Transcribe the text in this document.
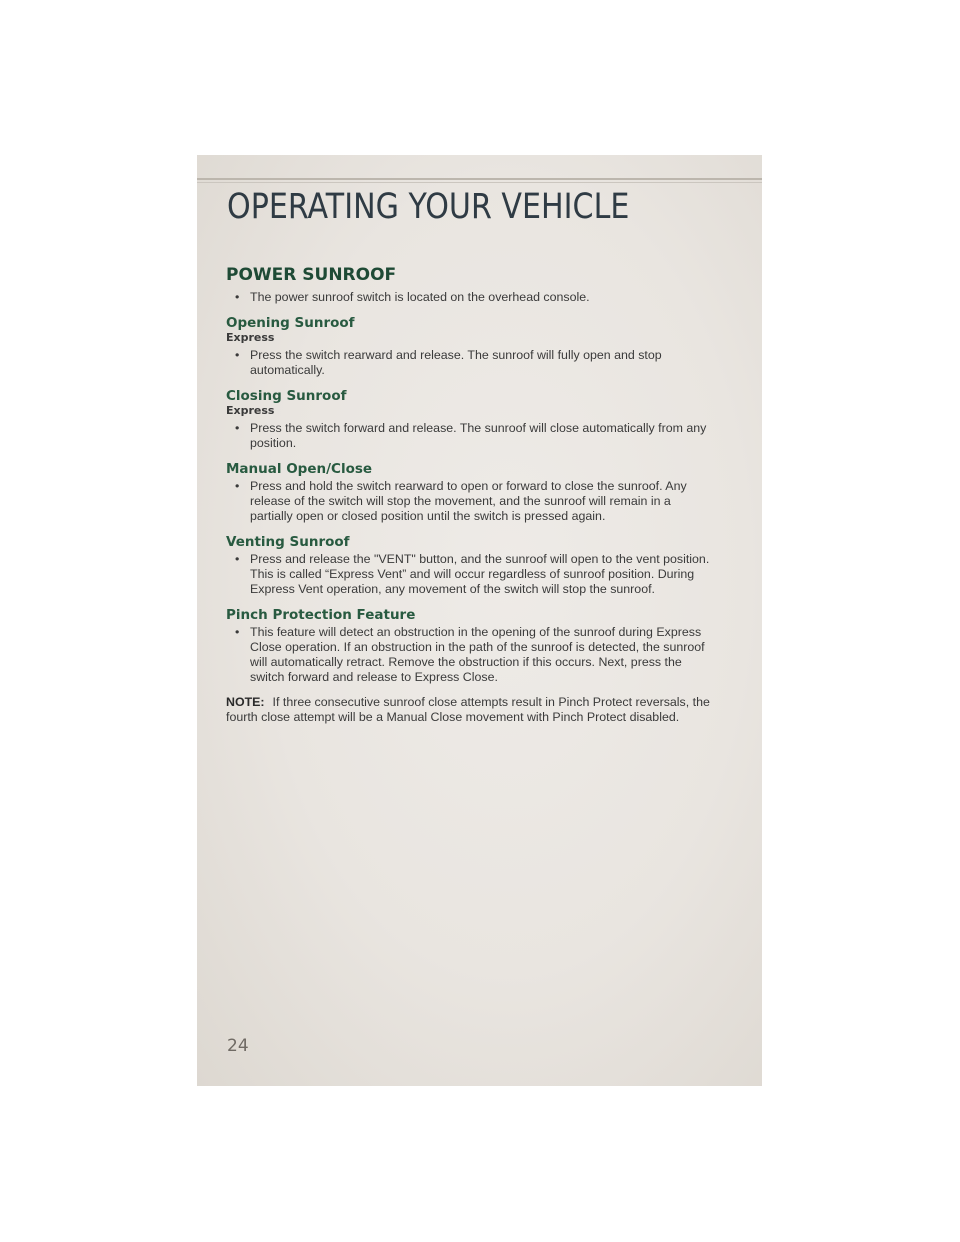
OPERATING YOUR VEHICLE
POWER SUNROOF
• The power sunroof switch is located on the overhead console.
Opening Sunroof
Express
• Press the switch rearward and release. The sunroof will fully open and stop automatically.
Closing Sunroof
Express
• Press the switch forward and release. The sunroof will close automatically from any position.
Manual Open/Close
• Press and hold the switch rearward to open or forward to close the sunroof. Any release of the switch will stop the movement, and the sunroof will remain in a partially open or closed position until the switch is pressed again.
Venting Sunroof
• Press and release the "VENT" button, and the sunroof will open to the vent position. This is called “Express Vent” and will occur regardless of sunroof position. During Express Vent operation, any movement of the switch will stop the sunroof.
Pinch Protection Feature
• This feature will detect an obstruction in the opening of the sunroof during Express Close operation. If an obstruction in the path of the sunroof is detected, the sunroof will automatically retract. Remove the obstruction if this occurs. Next, press the switch forward and release to Express Close.

NOTE: If three consecutive sunroof close attempts result in Pinch Protect reversals, the fourth close attempt will be a Manual Close movement with Pinch Protect disabled.

24
